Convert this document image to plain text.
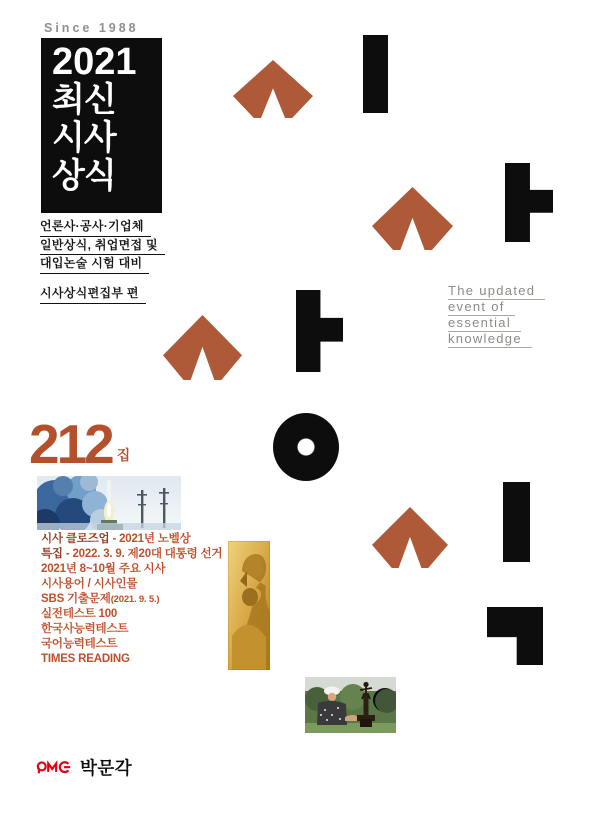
Since 1988
2021
최신
시사
상식
언론사·공사·기업체
일반상식, 취업면접 및
대입논술 시험 대비
시사상식편집부 편	The updated
event of
essential
knowledge
212 집
시사 클로즈업 - 2021년 노벨상
특집 - 2022. 3. 9. 제20대 대통령 선거
2021년 8~10월 주요 시사
시사용어 / 시사인물
SBS 기출문제(2021. 9. 5.)
실전테스트 100
한국사능력테스트
국어능력테스트
TIMES READING
박문각
